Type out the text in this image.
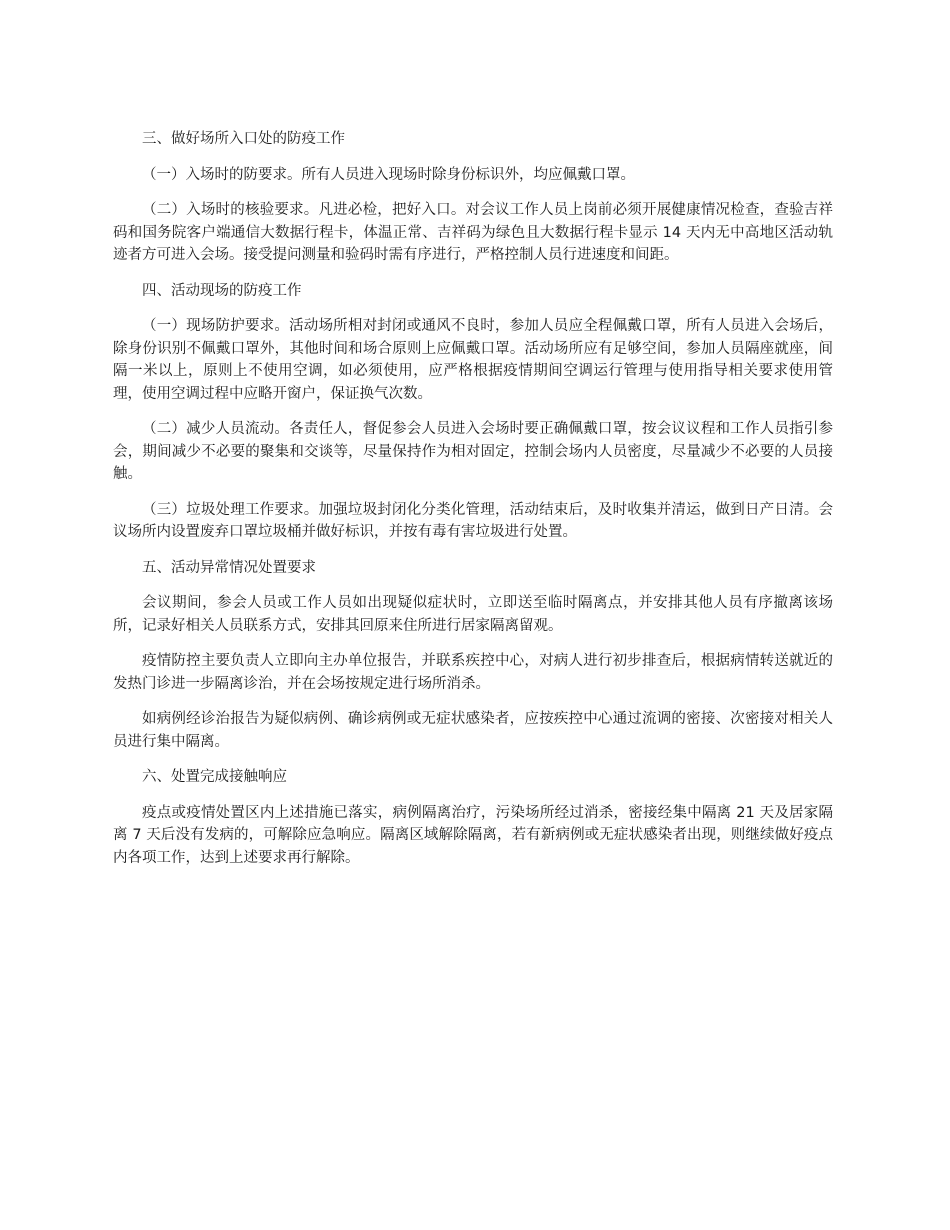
三、做好场所入口处的防疫工作

（一）入场时的防要求。所有人员进入现场时除身份标识外，均应佩戴口罩。

（二）入场时的核验要求。凡进必检，把好入口。对会议工作人员上岗前必须开展健康情况检查，查验吉祥码和国务院客户端通信大数据行程卡，体温正常、吉祥码为绿色且大数据行程卡显示 14 天内无中高地区活动轨迹者方可进入会场。接受提问测量和验码时需有序进行，严格控制人员行进速度和间距。

四、活动现场的防疫工作

（一）现场防护要求。活动场所相对封闭或通风不良时，参加人员应全程佩戴口罩，所有人员进入会场后，除身份识别不佩戴口罩外，其他时间和场合原则上应佩戴口罩。活动场所应有足够空间，参加人员隔座就座，间隔一米以上，原则上不使用空调，如必须使用，应严格根据疫情期间空调运行管理与使用指导相关要求使用管理，使用空调过程中应略开窗户，保证换气次数。

（二）减少人员流动。各责任人，督促参会人员进入会场时要正确佩戴口罩，按会议议程和工作人员指引参会，期间减少不必要的聚集和交谈等，尽量保持作为相对固定，控制会场内人员密度，尽量减少不必要的人员接触。

（三）垃圾处理工作要求。加强垃圾封闭化分类化管理，活动结束后，及时收集并清运，做到日产日清。会议场所内设置废弃口罩垃圾桶并做好标识，并按有毒有害垃圾进行处置。

五、活动异常情况处置要求

会议期间，参会人员或工作人员如出现疑似症状时，立即送至临时隔离点，并安排其他人员有序撤离该场所，记录好相关人员联系方式，安排其回原来住所进行居家隔离留观。

疫情防控主要负责人立即向主办单位报告，并联系疾控中心，对病人进行初步排查后，根据病情转送就近的发热门诊进一步隔离诊治，并在会场按规定进行场所消杀。

如病例经诊治报告为疑似病例、确诊病例或无症状感染者，应按疾控中心通过流调的密接、次密接对相关人员进行集中隔离。

六、处置完成接触响应

疫点或疫情处置区内上述措施已落实，病例隔离治疗，污染场所经过消杀，密接经集中隔离 21 天及居家隔离 7 天后没有发病的，可解除应急响应。隔离区域解除隔离，若有新病例或无症状感染者出现，则继续做好疫点内各项工作，达到上述要求再行解除。
